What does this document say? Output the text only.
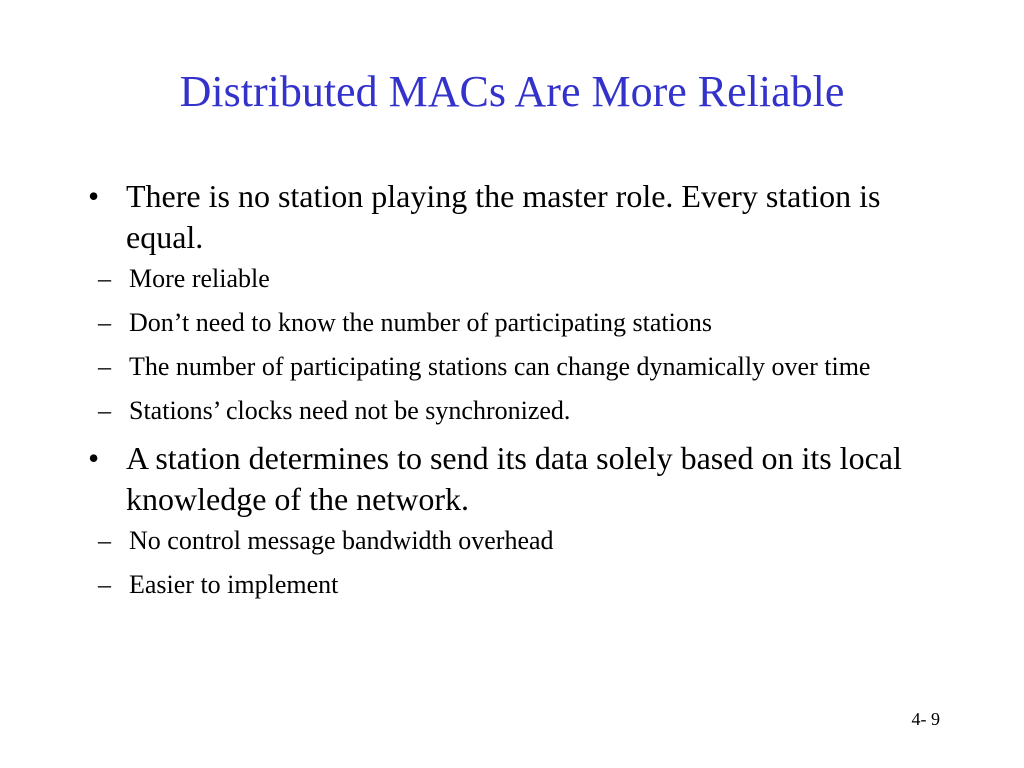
Distributed MACs Are More Reliable
• There is no station playing the master role. Every station is equal.
– More reliable
– Don’t need to know the number of participating stations
– The number of participating stations can change dynamically over time
– Stations’ clocks need not be synchronized.
• A station determines to send its data solely based on its local knowledge of the network.
– No control message bandwidth overhead
– Easier to implement
4- 9
